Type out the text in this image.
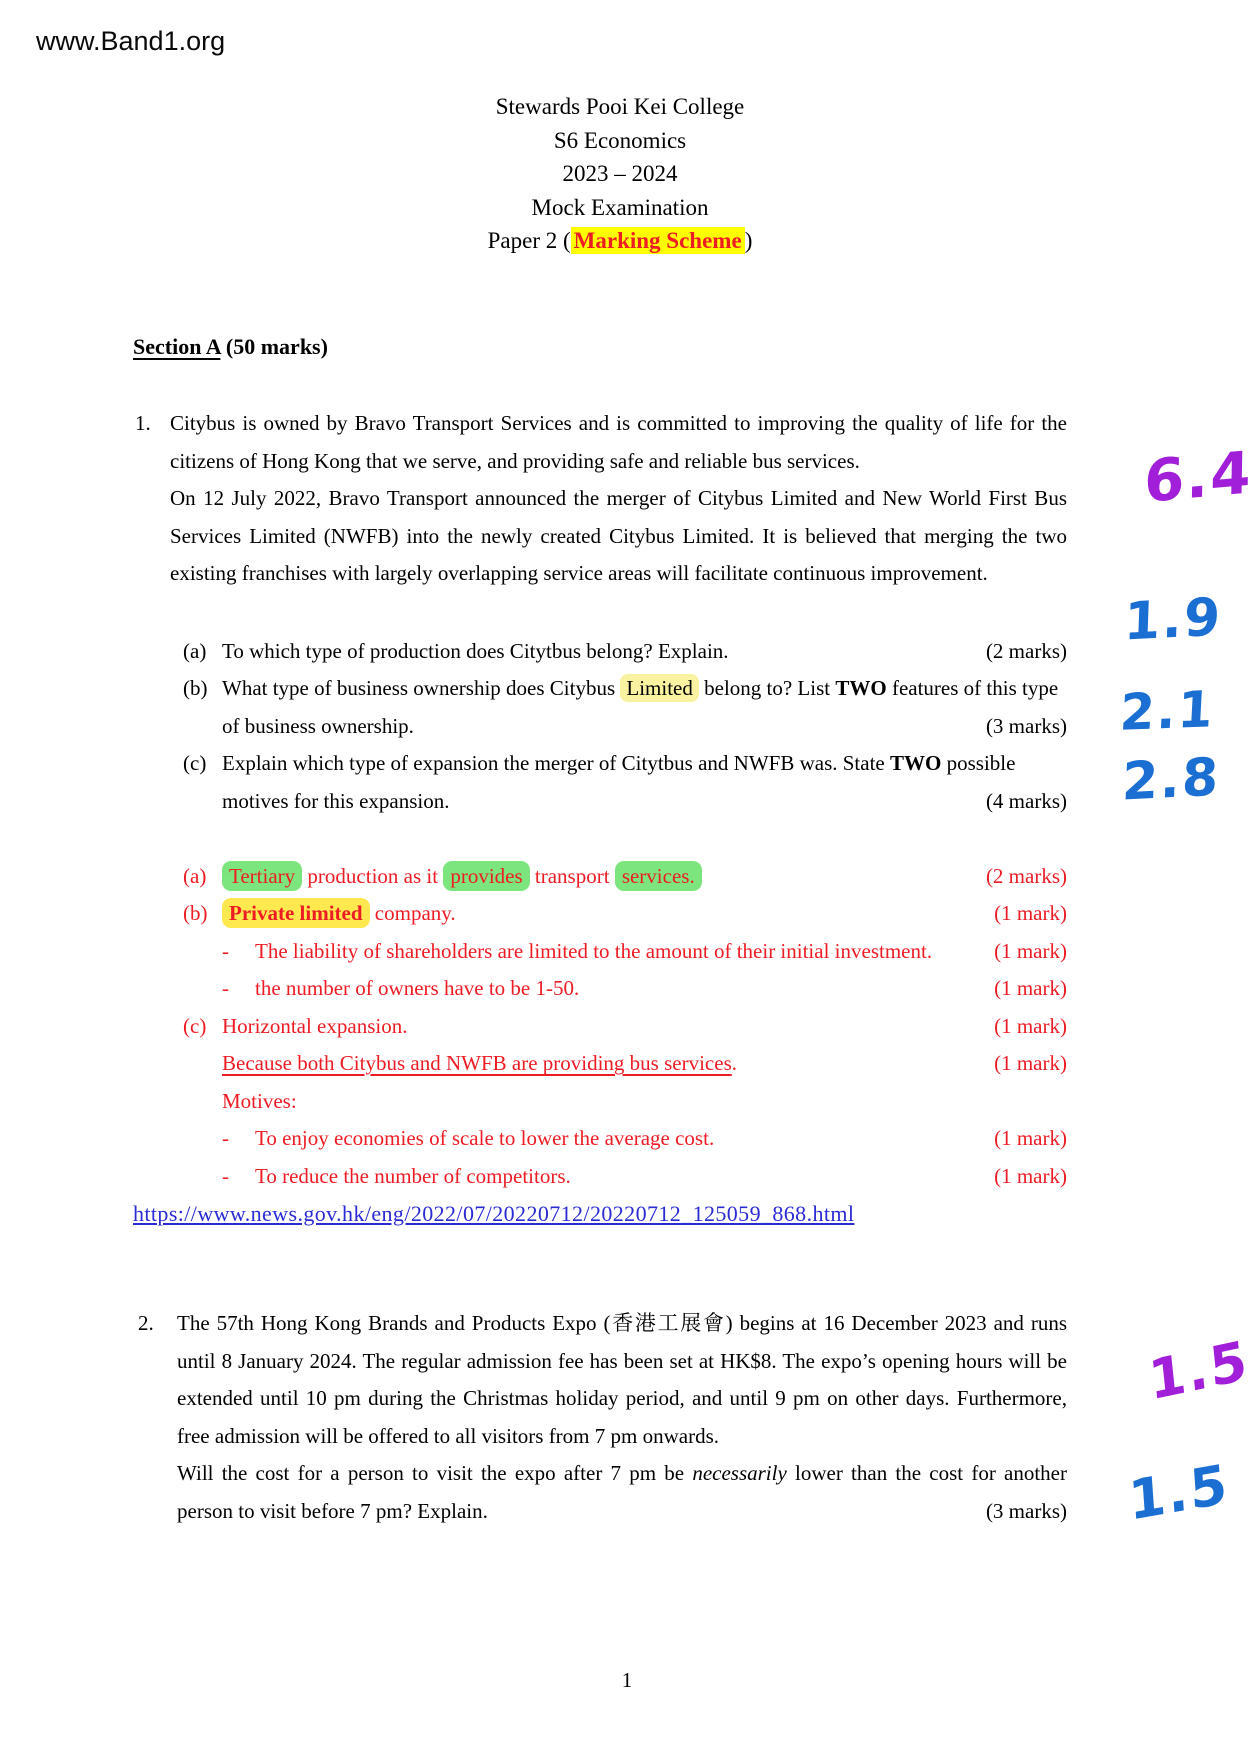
www.Band1.org
Stewards Pooi Kei College
S6 Economics
2023 – 2024
Mock Examination
Paper 2 ( Marking Scheme )
Section A (50 marks)
1. Citybus is owned by Bravo Transport Services and is committed to improving the quality of life for the citizens of Hong Kong that we serve, and providing safe and reliable bus services.
On 12 July 2022, Bravo Transport announced the merger of Citybus Limited and New World First Bus Services Limited (NWFB) into the newly created Citybus Limited. It is believed that merging the two existing franchises with largely overlapping service areas will facilitate continuous improvement.
(a) To which type of production does Citytbus belong? Explain.	(2 marks)
(b) What type of business ownership does Citybus Limited belong to? List TWO features of this type
of business ownership.	(3 marks)
(c) Explain which type of expansion the merger of Citytbus and NWFB was. State TWO possible
motives for this expansion.	(4 marks)
(a)	Tertiary production as it provides transport services.	(2 marks)
(b)	Private limited company.	(1 mark)
- The liability of shareholders are limited to the amount of their initial investment.	(1 mark)
- the number of owners have to be 1-50.	(1 mark)
(c) Horizontal expansion.	(1 mark)
Because both Citybus and NWFB are providing bus services.	(1 mark)
Motives:
- To enjoy economies of scale to lower the average cost.	(1 mark)
- To reduce the number of competitors.	(1 mark)
https://www.news.gov.hk/eng/2022/07/20220712/20220712_125059_868.html
2. The 57th Hong Kong Brands and Products Expo (香港工展會) begins at 16 December 2023 and runs until 8 January 2024. The regular admission fee has been set at HK$8. The expo’s opening hours will be extended until 10 pm during the Christmas holiday period, and until 9 pm on other days. Furthermore, free admission will be offered to all visitors from 7 pm onwards.
Will the cost for a person to visit the expo after 7 pm be necessarily lower than the cost for another person to visit before 7 pm? Explain.	(3 marks)
6.4
1.9
2.1
2.8
1.5
1.5
1
